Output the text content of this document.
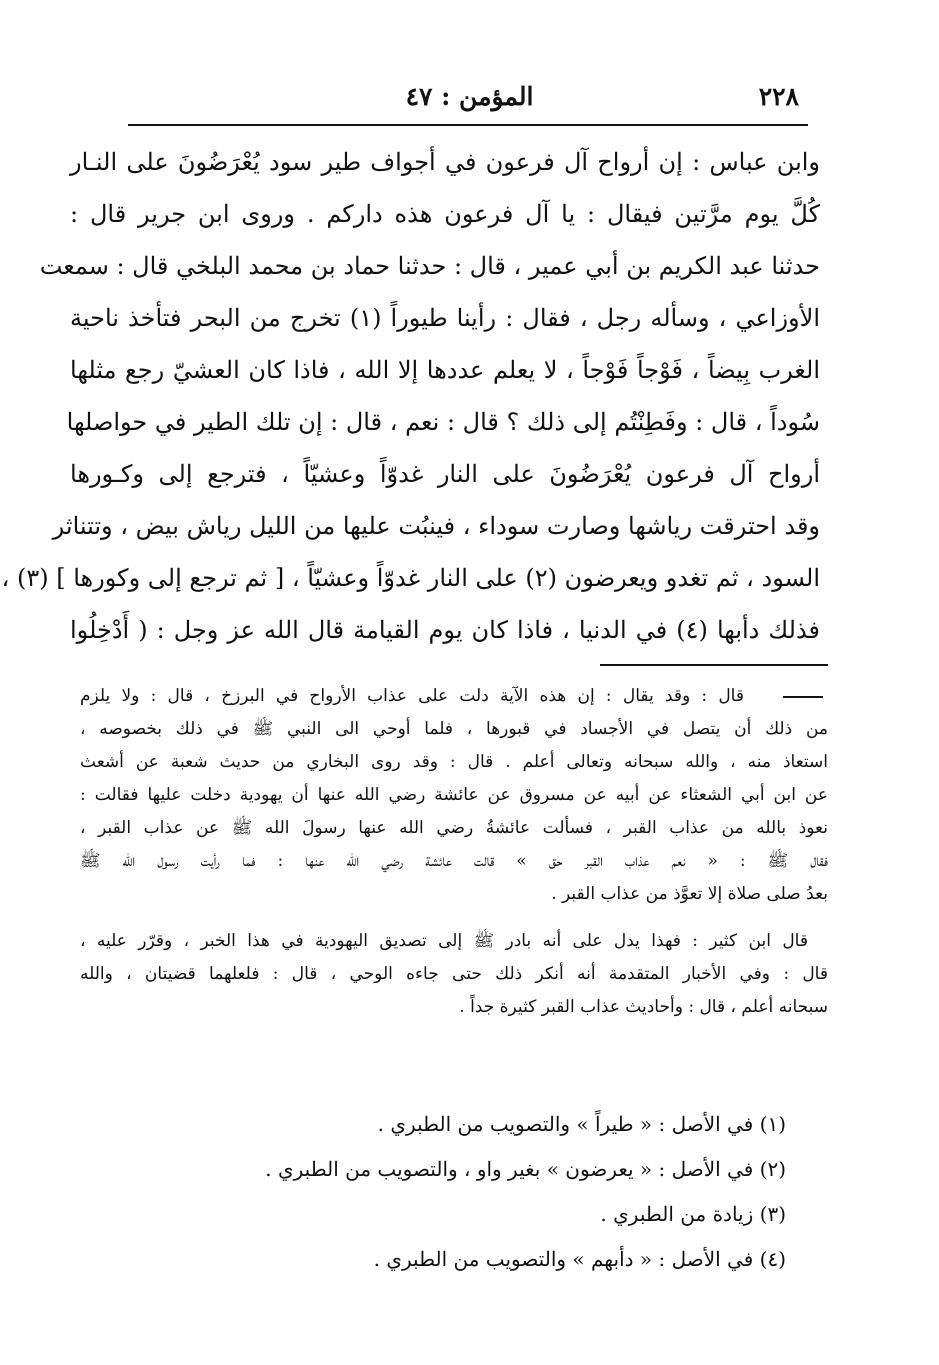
٢٢٨
المؤمن : ٤٧
وابن عباس : إن أرواح آل فرعون في أجواف طير سود يُعْرَضُونَ على النـار
كُلَّ يوم مرَّتين فيقال : يا آل فرعون هذه داركم . وروى ابن جرير قال :
حدثنا عبد الكريم بن أبي عمير ، قال : حدثنا حماد بن محمد البلخي قال : سمعت
الأوزاعي ، وسأله رجل ، فقال : رأينا طيوراً (١) تخرج من البحر فتأخذ ناحية
الغرب بِيضاً ، فَوْجاً فَوْجاً ، لا يعلم عددها إلا الله ، فاذا كان العشيّ رجع مثلها
سُوداً ، قال : وفَطِنْتُم إلى ذلك ؟ قال : نعم ، قال : إن تلك الطير في حواصلها
أرواح آل فرعون يُعْرَضُونَ على النار غدوّاً وعشيّاً ، فترجع إلى وكـورها
وقد احترقت رياشها وصارت سوداء ، فينبُت عليها من الليل رياش بيض ، وتتناثر
السود ، ثم تغدو ويعرضون (٢) على النار غدوّاً وعشيّاً ، [ ثم ترجع إلى وكورها ] (٣) ،
فذلك دأبها (٤) في الدنيا ، فاذا كان يوم القيامة قال الله عز وجل : ( أَدْخِلُوا
قال : وقد يقال : إن هذه الآية دلت على عذاب الأرواح في البرزخ ، قال : ولا يلزم
من ذلك أن يتصل في الأجساد في قبورها ، فلما أوحي الى النبي ﷺ في ذلك بخصوصه ،
استعاذ منه ، والله سبحانه وتعالى أعلم . قال : وقد روى البخاري من حديث شعبة عن أشعث
عن ابن أبي الشعثاء عن أبيه عن مسروق عن عائشة رضي الله عنها أن يهودية دخلت عليها فقالت :
نعوذ بالله من عذاب القبر ، فسألت عائشةُ رضي الله عنها رسولَ الله ﷺ عن عذاب القبر ،
فقال ﷺ : « نعم عذاب القبر حق » قالت عائشة رضي الله عنها : فما رأيت رسول الله ﷺ
بعدُ صلى صلاة إلا تعوَّذ من عذاب القبر .
قال ابن كثير : فهذا يدل على أنه بادر ﷺ إلى تصديق اليهودية في هذا الخبر ، وقرّر عليه ،
قال : وفي الأخبار المتقدمة أنه أنكر ذلك حتى جاءه الوحي ، قال : فلعلهما قضيتان ، والله
سبحانه أعلم ، قال : وأحاديث عذاب القبر كثيرة جداً .
(١) في الأصل : « طيراً » والتصويب من الطبري .
(٢) في الأصل : « يعرضون » بغير واو ، والتصويب من الطبري .
(٣) زيادة من الطبري .
(٤) في الأصل : « دأبهم » والتصويب من الطبري .
